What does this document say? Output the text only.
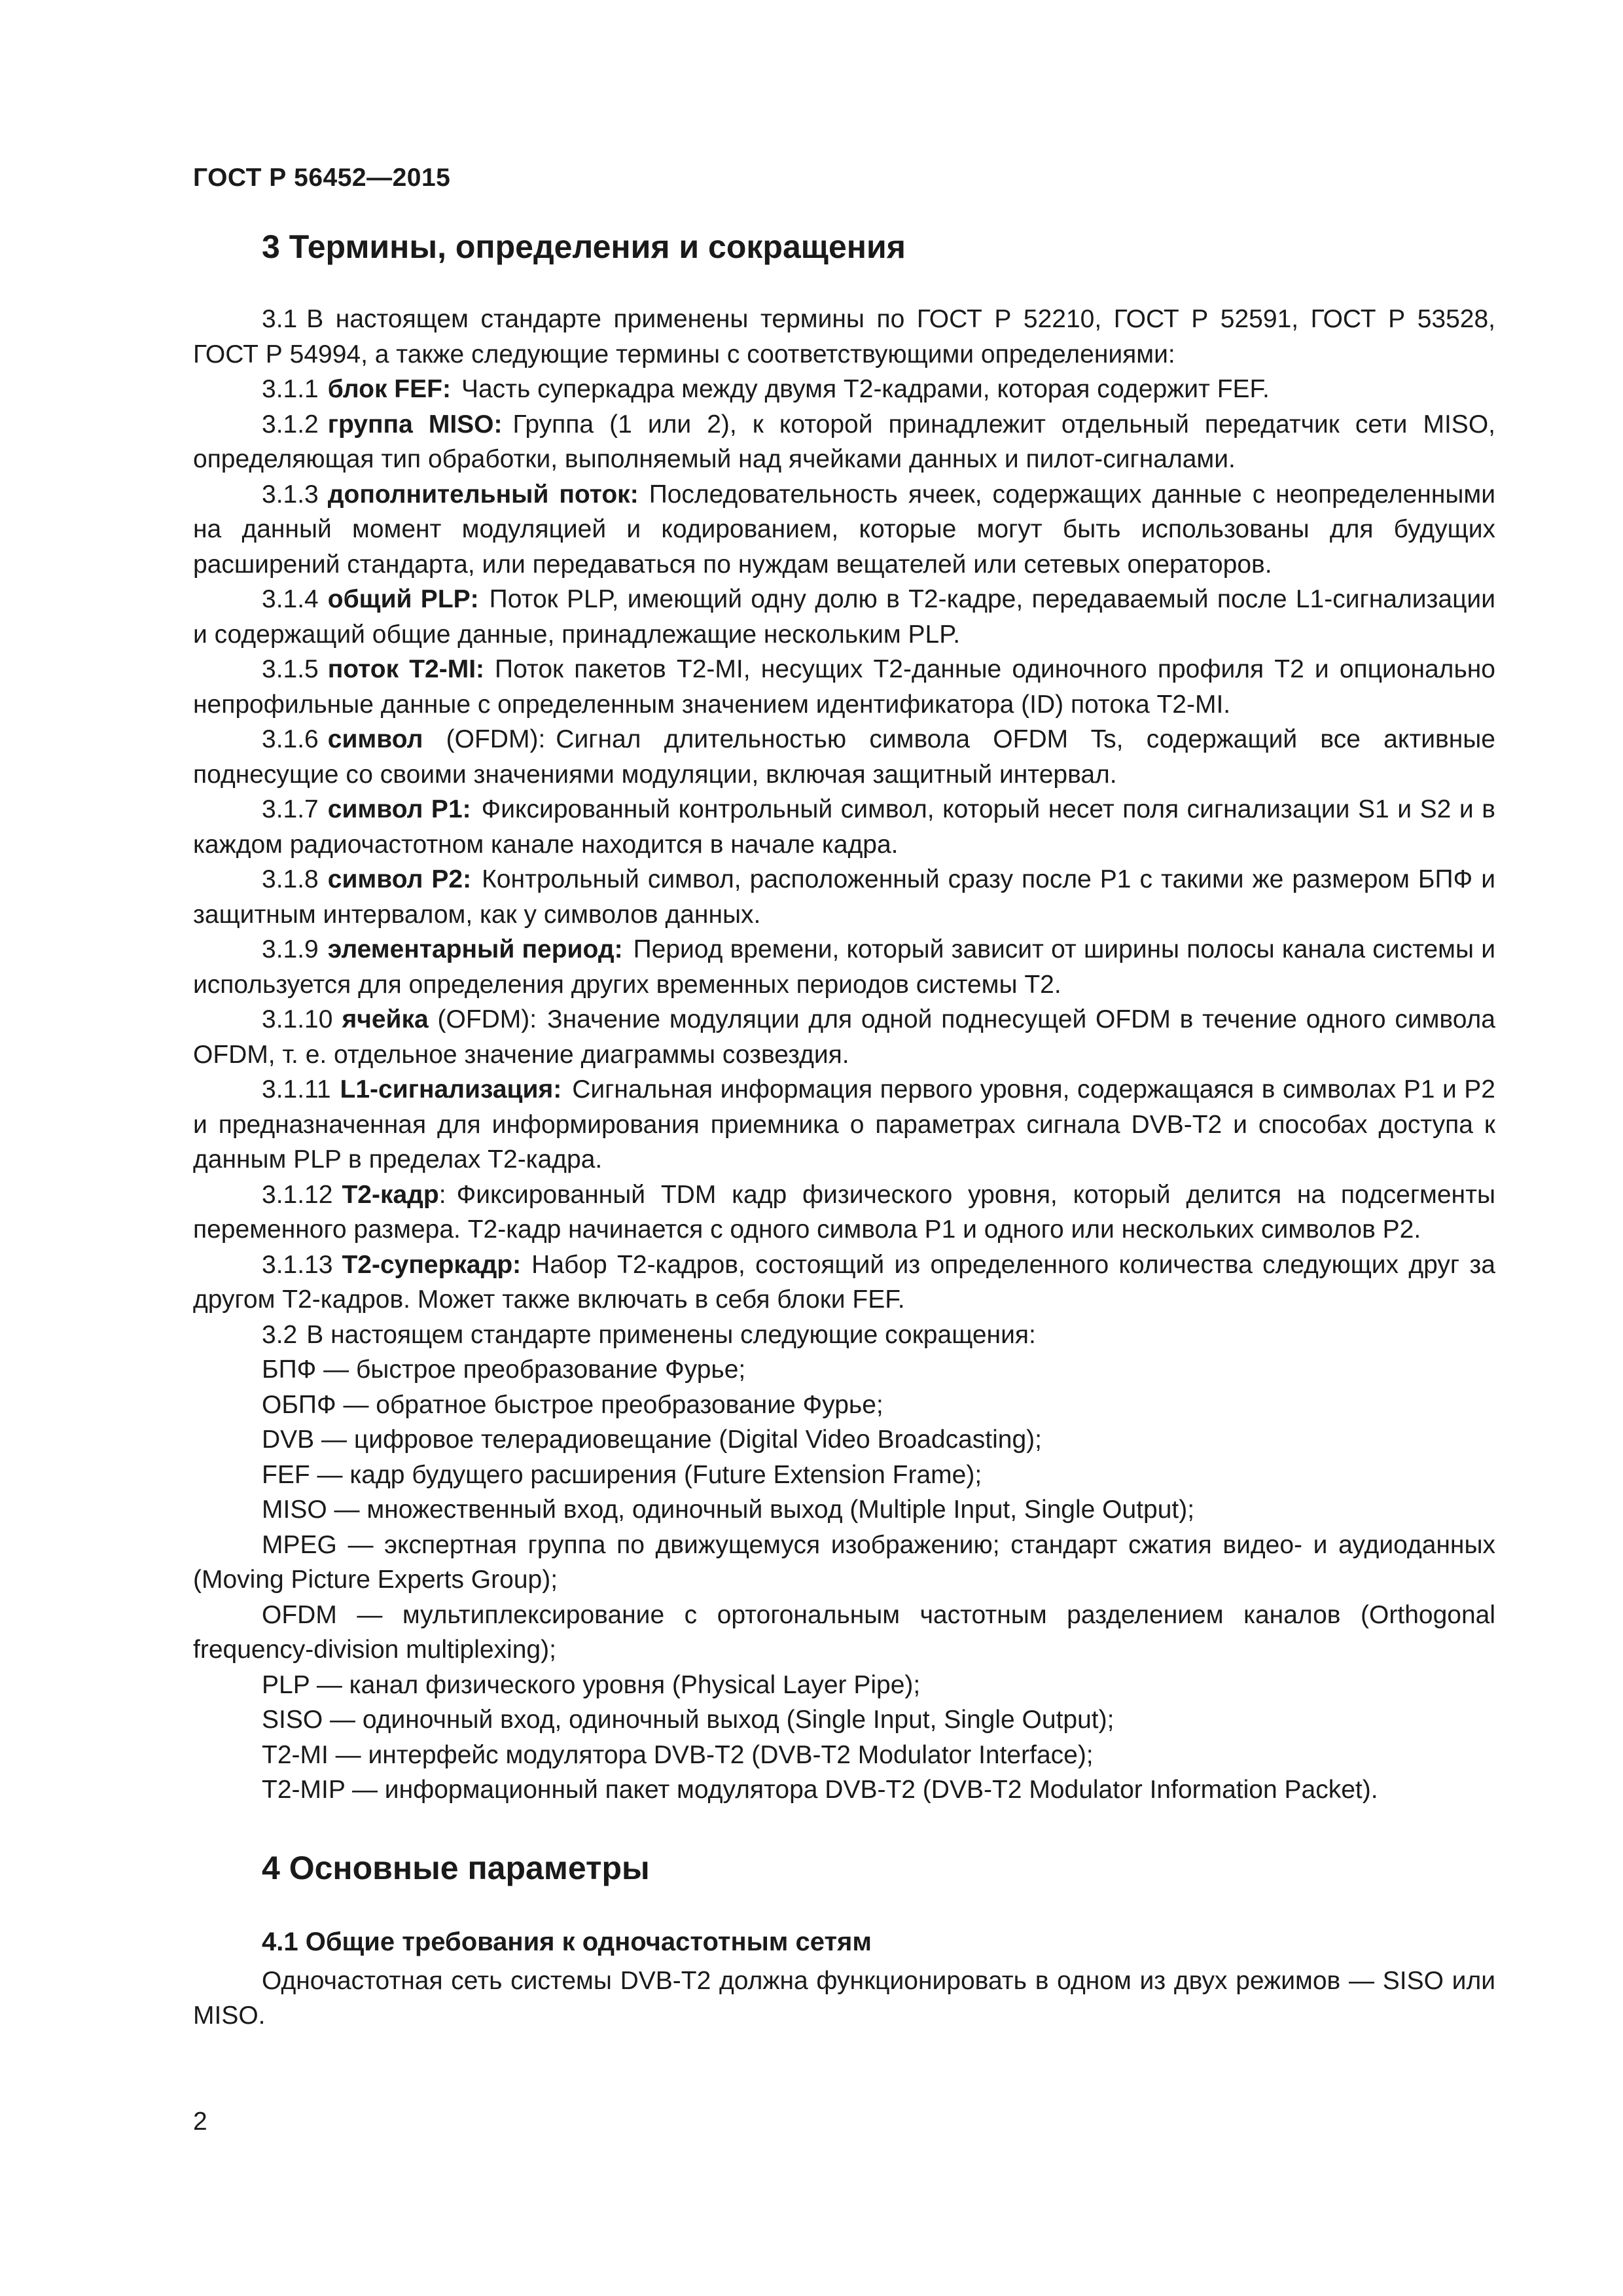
ГОСТ Р 56452—2015
3 Термины, определения и сокращения

3.1 В настоящем стандарте применены термины по ГОСТ Р 52210, ГОСТ Р 52591, ГОСТ Р 53528, ГОСТ Р 54994, а также следующие термины с соответствующими определениями:

3.1.1 блок FEF: Часть суперкадра между двумя Т2-кадрами, которая содержит FEF.

3.1.2 группа MISO: Группа (1 или 2), к которой принадлежит отдельный передатчик сети MISO, определяющая тип обработки, выполняемый над ячейками данных и пилот-сигналами.

3.1.3 дополнительный поток: Последовательность ячеек, содержащих данные с неопределенными на данный момент модуляцией и кодированием, которые могут быть использованы для будущих расширений стандарта, или передаваться по нуждам вещателей или сетевых операторов.

3.1.4 общий PLP: Поток PLP, имеющий одну долю в Т2-кадре, передаваемый после L1-сигнализации и содержащий общие данные, принадлежащие нескольким PLP.

3.1.5 поток T2-MI: Поток пакетов Т2-MI, несущих Т2-данные одиночного профиля Т2 и опционально непрофильные данные с определенным значением идентификатора (ID) потока Т2-MI.

3.1.6 символ (OFDM): Сигнал длительностью символа OFDM Ts, содержащий все активные поднесущие со своими значениями модуляции, включая защитный интервал.

3.1.7 символ P1: Фиксированный контрольный символ, который несет поля сигнализации S1 и S2 и в каждом радиочастотном канале находится в начале кадра.

3.1.8 символ P2: Контрольный символ, расположенный сразу после Р1 с такими же размером БПФ и защитным интервалом, как у символов данных.

3.1.9 элементарный период: Период времени, который зависит от ширины полосы канала системы и используется для определения других временных периодов системы Т2.

3.1.10 ячейка (OFDM): Значение модуляции для одной поднесущей OFDM в течение одного символа OFDM, т. е. отдельное значение диаграммы созвездия.

3.1.11 L1-сигнализация: Сигнальная информация первого уровня, содержащаяся в символах Р1 и Р2 и предназначенная для информирования приемника о параметрах сигнала DVB-T2 и способах доступа к данным PLP в пределах Т2-кадра.

3.1.12 Т2-кадр: Фиксированный TDM кадр физического уровня, который делится на подсегменты переменного размера. Т2-кадр начинается с одного символа Р1 и одного или нескольких символов Р2.

3.1.13 Т2-суперкадр: Набор Т2-кадров, состоящий из определенного количества следующих друг за другом Т2-кадров. Может также включать в себя блоки FEF.

3.2 В настоящем стандарте применены следующие сокращения:

БПФ — быстрое преобразование Фурье;

ОБПФ — обратное быстрое преобразование Фурье;

DVB — цифровое телерадиовещание (Digital Video Broadcasting);

FEF — кадр будущего расширения (Future Extension Frame);

MISO — множественный вход, одиночный выход (Multiple Input, Single Output);

MPEG — экспертная группа по движущемуся изображению; стандарт сжатия видео- и аудиоданных (Moving Picture Experts Group);

OFDM — мультиплексирование с ортогональным частотным разделением каналов (Orthogonal frequency-division multiplexing);

PLP — канал физического уровня (Physical Layer Pipe);

SISO — одиночный вход, одиночный выход (Single Input, Single Output);

T2-MI — интерфейс модулятора DVB-T2 (DVB-T2 Modulator Interface);

T2-MIP — информационный пакет модулятора DVB-T2 (DVB-T2 Modulator Information Packet).

4 Основные параметры
4.1 Общие требования к одночастотным сетям

Одночастотная сеть системы DVB-T2 должна функционировать в одном из двух режимов — SISO или MISO.

2
